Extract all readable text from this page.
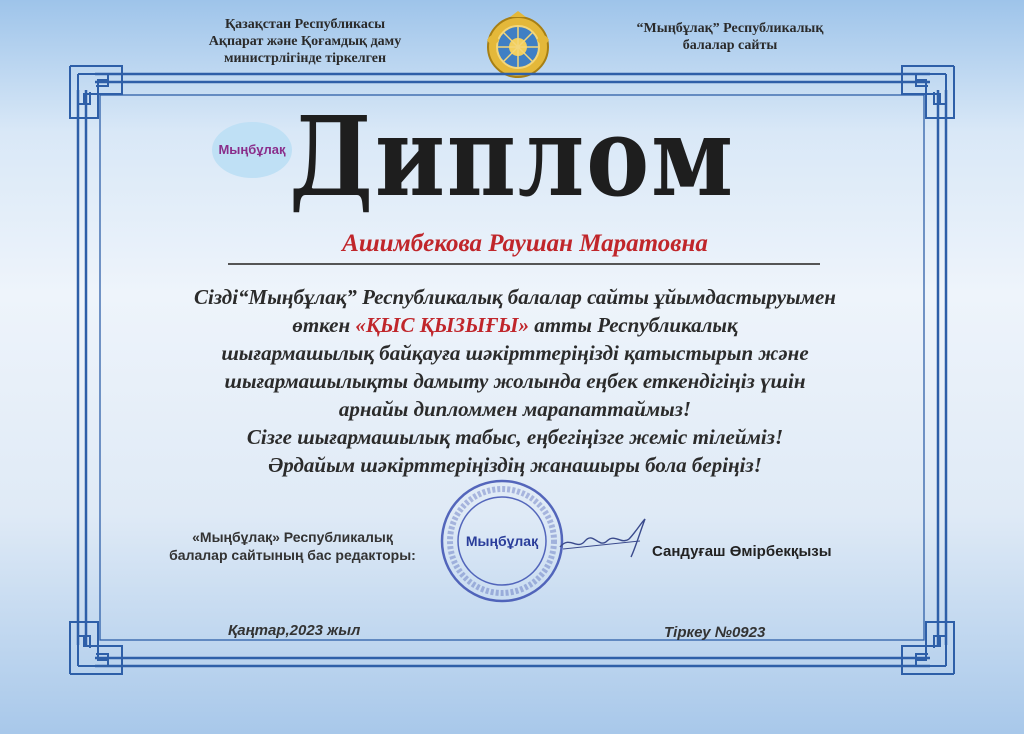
Қазақстан Республикасы
Ақпарат және Қоғамдық даму
министрлігінде тіркелген
“Мыңбұлақ” Республикалық
балалар сайты
Мыңбұлақ Диплом
Ашимбекова Раушан Маратовна
Сізді“Мыңбұлақ” Республикалық балалар сайты ұйымдастыруымен
өткен «ҚЫС ҚЫЗЫҒЫ» атты Республикалық
шығармашылық байқауға шәкірттеріңізді қатыстырып және
шығармашылықты дамыту жолында еңбек еткендігіңіз үшін
арнайы дипломмен марапаттаймыз!
Сізге шығармашылық табыс, еңбегіңізге жеміс тілейміз!
Әрдайым шәкірттеріңіздің жанашыры бола беріңіз!
«Мыңбұлақ» Республикалық
балалар сайтының бас редакторы:
Мыңбұлақ
Сандуғаш Өмірбекқызы
Қаңтар,2023 жыл	Тіркеу №0923
